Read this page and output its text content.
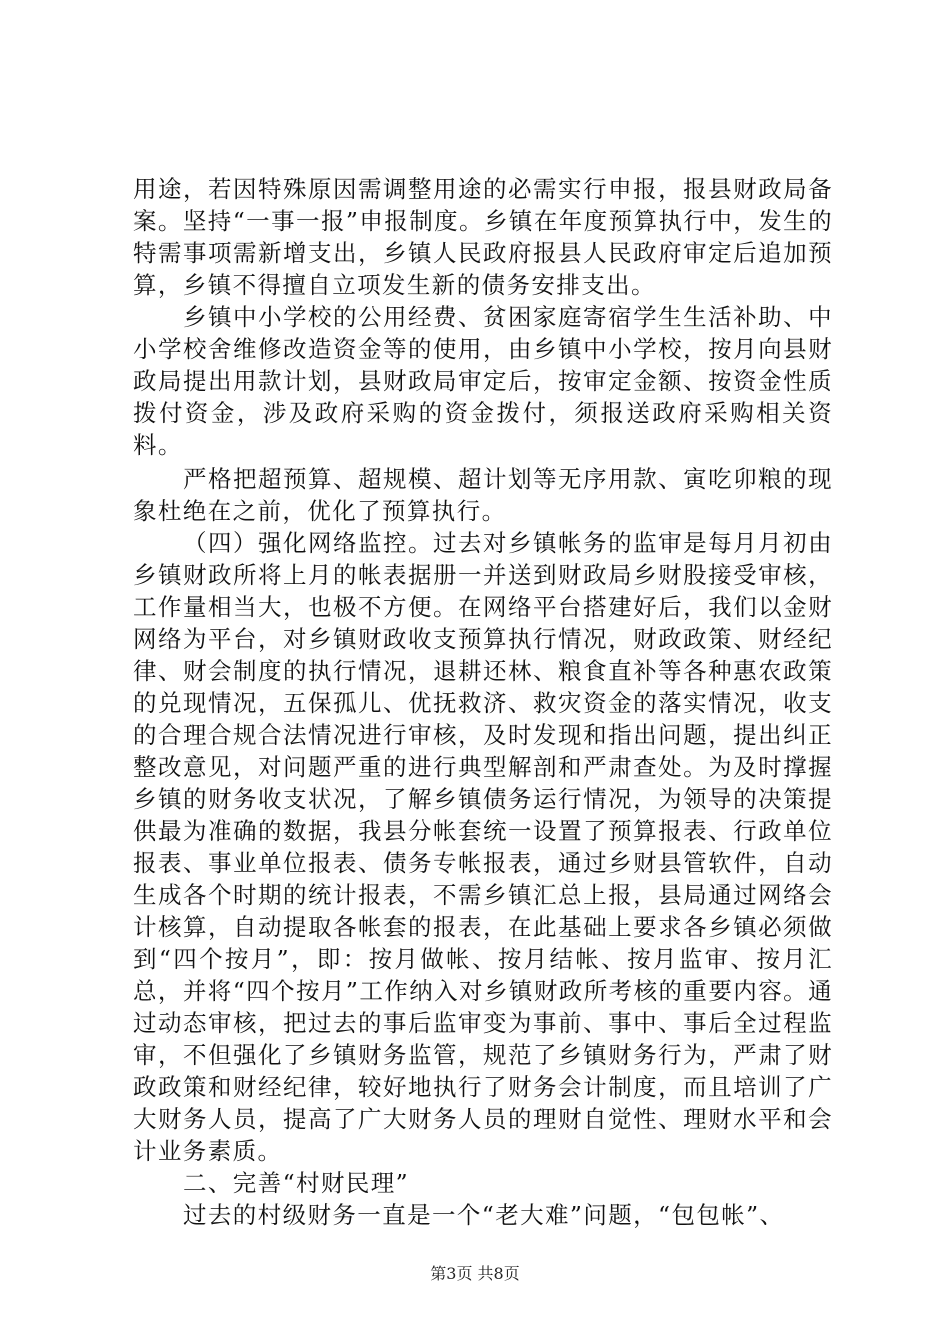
用途，若因特殊原因需调整用途的必需实行申报，报县财政局备案。坚持“一事一报”申报制度。乡镇在年度预算执行中，发生的特需事项需新增支出，乡镇人民政府报县人民政府审定后追加预算，乡镇不得擅自立项发生新的债务安排支出。

乡镇中小学校的公用经费、贫困家庭寄宿学生生活补助、中小学校舍维修改造资金等的使用，由乡镇中小学校，按月向县财政局提出用款计划，县财政局审定后，按审定金额、按资金性质拨付资金，涉及政府采购的资金拨付，须报送政府采购相关资料。

严格把超预算、超规模、超计划等无序用款、寅吃卯粮的现象杜绝在之前，优化了预算执行。

（四）强化网络监控。过去对乡镇帐务的监审是每月月初由乡镇财政所将上月的帐表据册一并送到财政局乡财股接受审核，工作量相当大，也极不方便。在网络平台搭建好后，我们以金财网络为平台，对乡镇财政收支预算执行情况，财政政策、财经纪律、财会制度的执行情况，退耕还林、粮食直补等各种惠农政策的兑现情况，五保孤儿、优抚救济、救灾资金的落实情况，收支的合理合规合法情况进行审核，及时发现和指出问题，提出纠正整改意见，对问题严重的进行典型解剖和严肃查处。为及时撑握乡镇的财务收支状况，了解乡镇债务运行情况，为领导的决策提供最为准确的数据，我县分帐套统一设置了预算报表、行政单位报表、事业单位报表、债务专帐报表，通过乡财县管软件，自动生成各个时期的统计报表，不需乡镇汇总上报，县局通过网络会计核算，自动提取各帐套的报表，在此基础上要求各乡镇必须做到“四个按月”，即：按月做帐、按月结帐、按月监审、按月汇总，并将“四个按月”工作纳入对乡镇财政所考核的重要内容。通过动态审核，把过去的事后监审变为事前、事中、事后全过程监审，不但强化了乡镇财务监管，规范了乡镇财务行为，严肃了财政政策和财经纪律，较好地执行了财务会计制度，而且培训了广大财务人员，提高了广大财务人员的理财自觉性、理财水平和会计业务素质。

二、完善“村财民理”

过去的村级财务一直是一个“老大难”问题，“包包帐”、

第3页 共8页
